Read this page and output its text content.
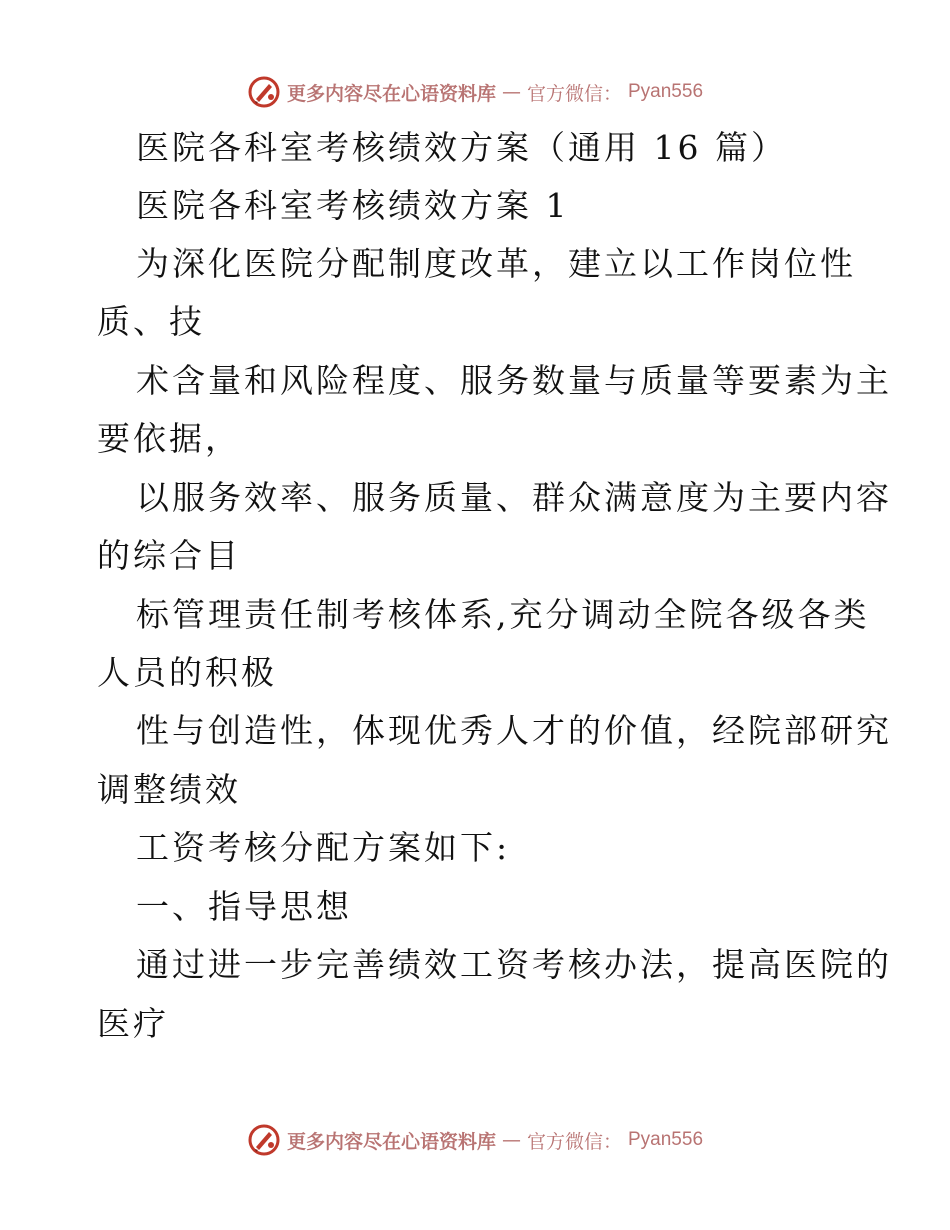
更多内容尽在心语资料库 — 官方微信： Pyan556
医院各科室考核绩效方案（通用 16 篇）
医院各科室考核绩效方案 1
为深化医院分配制度改革，建立以工作岗位性
质、技
术含量和风险程度、服务数量与质量等要素为主
要依据，
以服务效率、服务质量、群众满意度为主要内容
的综合目
标管理责任制考核体系,充分调动全院各级各类
人员的积极
性与创造性，体现优秀人才的价值，经院部研究
调整绩效
工资考核分配方案如下:
一、指导思想
通过进一步完善绩效工资考核办法，提高医院的
医疗
更多内容尽在心语资料库 — 官方微信： Pyan556
